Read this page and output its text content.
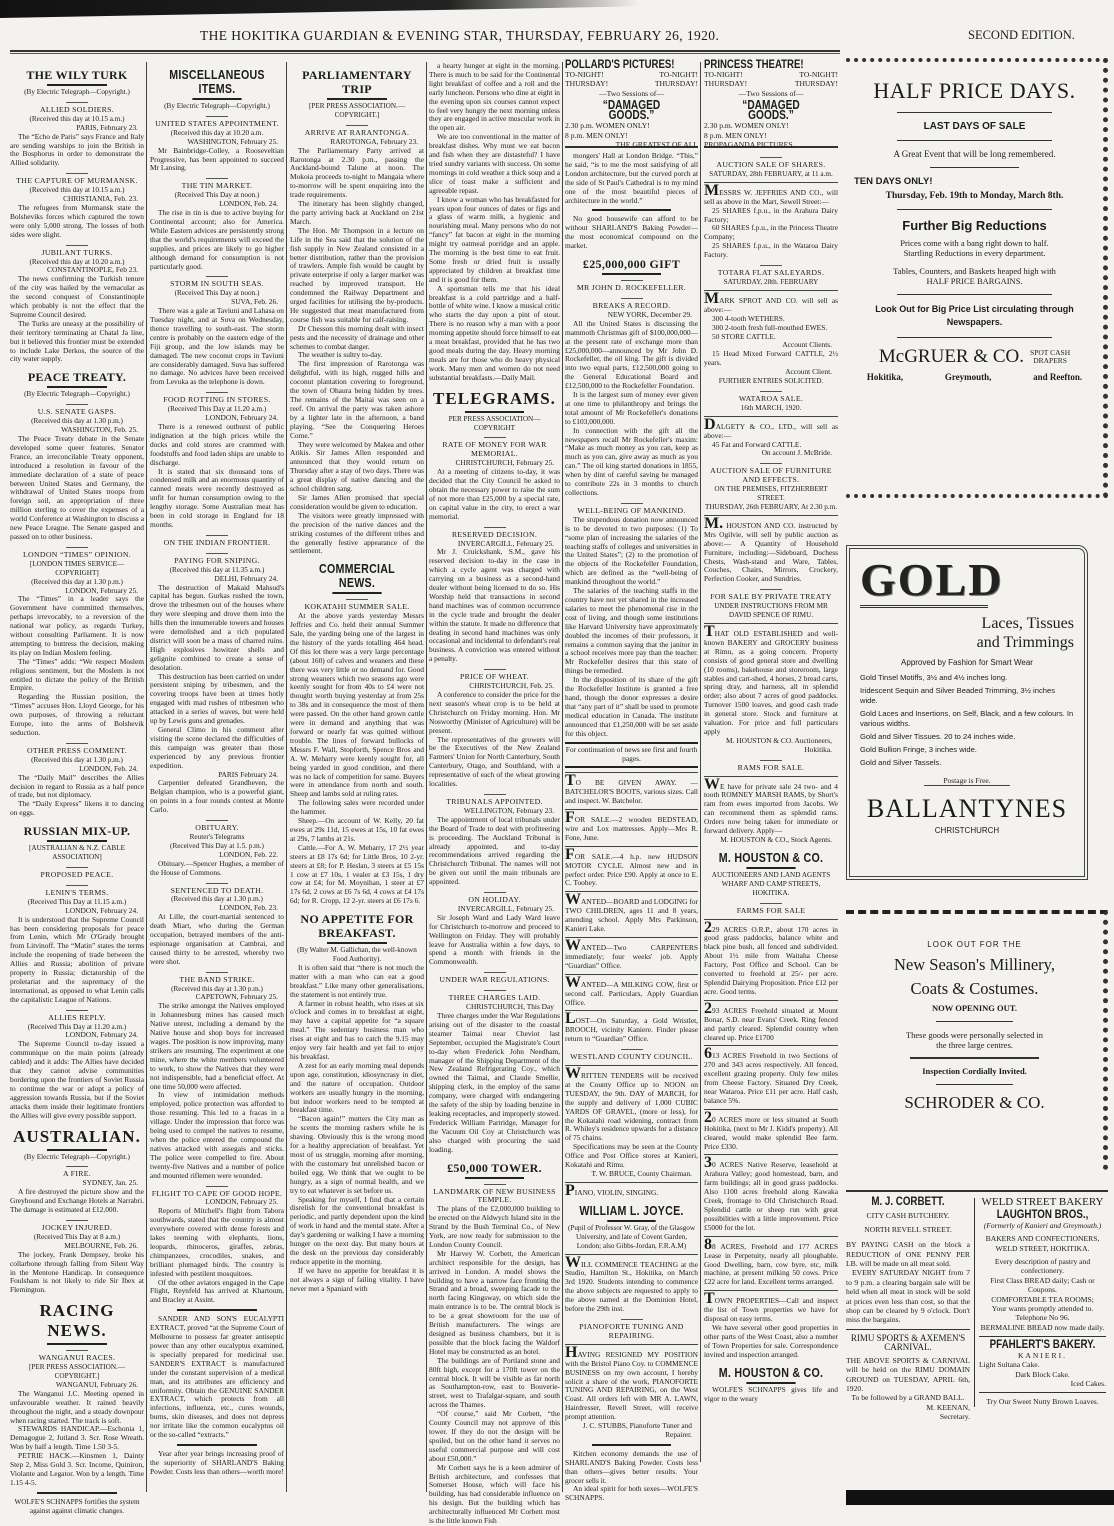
THE HOKITIKA GUARDIAN & EVENING STAR, THURSDAY, FEBRUARY 26, 1920.	SECOND EDITION.
POLLARD'S PICTURES!
TO-NIGHT!	TO-NIGHT!
THURSDAY!	THURSDAY!
—Two Sessions of—
“DAMAGED GOODS.”
2.30 p.m. WOMEN ONLY!
8 p.m. MEN ONLY!
THE GREATEST OF ALL
PRINCESS THEATRE!
TO-NIGHT!	TO-NIGHT!
THURSDAY!	THURSDAY!
—Two Sessions of—
“DAMAGED GOODS.”
2.30 p.m. WOMEN ONLY!
8 p.m. MEN ONLY!
PROPAGANDA PICTURES.
THE WILY TURK
(By Electric Telegraph—Copyright.)
ALLIED SOLDIERS.
(Received this day at 10.15 a.m.)
PARIS, February 23.
The “Echo de Paris” says France and Italy are sending warships to join the British in the Bosphorus in order to demonstrate the Allied solidarity.
THE CAPTURE OF MURMANSK.
(Received this day at 10.15 a.m.)
CHRISTIANIA, Feb. 23.
The refugees from Murmansk state the Bolsheviks forces which captured the town were only 5,000 strong. The losses of both sides were slight.
JUBILANT TURKS.
(Received this day at 10.20 a.m.)
CONSTANTINOPLE, Feb 23.
The news confirming the Turkish tenure of the city was hailed by the vernacular as the second conquest of Constantinople which probably is not the effect that the Supreme Council desired.
The Turks are uneasy at the possibility of their territory terminating at Chatal Ja line, but it believed this frontier must be extended to include Lake Derkos, the source of the city water supply.
PEACE TREATY.
(By Electric Telegraph—Copyright.)
U.S. SENATE GASPS.
(Received this day at 1.30 p.m.)
WASHINGTON, Feb. 25.
The Peace Treaty debate in the Senate developed some queer features. Senator France, an irreconcilable Treaty opponent, introduced a resolution in favour of the immediate declaration of a state of peace between United States and Germany, the withdrawal of United States troops from foreign soil, an appropriation of three million sterling to cover the expenses of a world Conference at Washington to discuss a new Peace League. The Senate gasped and passed on to other business.
LONDON “TIMES” OPINION.
[LONDON TIMES SERVICE—COPYRIGHT]
(Received this day at 1.30 p.m.)
LONDON, February 25.
The “Times” in a leader says the Government have committed themselves, perhaps irrevocably, to a reversion of the national war policy, as regards Turkey, without consulting Parliament. It is now attempting to buttress the decision, making its play on Indian Moslem feeling.
The “Times” adds: “We respect Moslem religious sentiment, but the Moslem is not entitled to dictate the policy of the British Empire.
Regarding the Russian position, the “Times” accuses Hon. Lloyd George, for his own purposes, of throwing a reluctant Europe, into the arms of Bolshevik seduction.
OTHER PRESS COMMENT.
(Received this day at 1.30 p.m.)
LONDON, Feb. 24.
The “Daily Mail” describes the Allies decision in regard to Russia as a half pence of trade, but not diplomacy.
The “Daily Express” likens it to dancing on eggs.
RUSSIAN MIX-UP.
[AUSTRALIAN & N.Z. CABLE ASSOCIATION]
PROPOSED PEACE.
LENIN'S TERMS.
(Received This Day at 11.15 a.m.)
LONDON, February 24.
It is understood that the Supreme Council has been considering proposals for peace from Lenin, which Mr O'Grady brought from Litvinoff. The “Matin” states the terms include the reopening of trade between the Allies and Russia; abolition of private property in Russia; dictatorship of the proletariat and the supremacy of the international, as opposed to what Lenin calls the capitalistic League of Nations.
ALLIES REPLY.
(Received This Day at 11.20 a.m.)
LONDON, February 24.
The Supreme Council to-day issued a communique on the main points (already cabled) and it adds: The Allies have decided that they cannot advise communities bordering upon the frontiers of Soviet Russia to continue the war or adopt a policy of aggression towards Russia, but if the Soviet attacks them inside their legitimate frontiers the Allies will give every possible support.
AUSTRALIAN.
(By Electric Telegraph—Copyright.)
A FIRE.
SYDNEY, Jan. 25.
A fire destroyed the picture show and the Greyhound and Exchange Hotels at Narrabri. The damage is estimated at £12,000.
JOCKEY INJURED.
(Received This Day at 8 a.m.)
MELBOURNE, Feb. 26.
The jockey, Frank Dempsey, broke his collarbone through falling from Silent Way in the Mentone Handicap. In consequence Foulsham is not likely to ride Sir Ibex at Flemington.
RACING NEWS.
WANGANUI RACES.
[PER PRESS ASSOCIATION.—COPYRIGHT.]
WANGANUI, February 26.
The Wanganui J.C. Meeting opened in unfavourable weather. It rained heavily throughout the night, and a steady downpour when racing started. The track is soft.
STEWARDS HANDICAP.—Eschonia 1, Demagogue 2, Jutland 3. Scr. Rose Wreath. Won by half a length. Time 1.50 3-5.
PETRIE HACK.—Kinsmen 1, Dainty Step 2, Miss Gold 3. Scr. Income, Quiniron, Violante and Legator. Won by a length. Time 1.15 4-5.
WOLFE'S SCHNAPPS fortifies the system against against climatic changes.
MISCELLANEOUS ITEMS.
(By Electric Telegraph—Copyright.)
UNITED STATES APPOINTMENT.
(Received this day at 10.20 a.m.
WASHINGTON, February 25.
Mr Bainbridge-Colley, a Rooseveltian Progressive, has been appointed to succeed Mr Lansing.
THE TIN MARKET.
(Received This Day at noon.)
LONDON, Feb. 24.
The rise in tin is due to active buying for Continental account; also for America. While Eastern advices are persistently strong that the world's requirements will exceed the supplies, and prices are likely to go higher although demand for consumption is not particularly good.
STORM IN SOUTH SEAS.
(Received This Day at noon.)
SUVA, Feb. 26.
There was a gale at Taviuni and Lahasa on Tuesday night, and at Suva on Wednesday, thence travelling to south-east. The storm centre is probably on the eastern edge of the Fiji group, and the low islands may be damaged. The new coconut crops in Taviuni are considerably damaged. Suva has suffered no damage. No advices have been received from Levuka as the telephone is down.
FOOD ROTTING IN STORES.
(Received This Day at 11.20 a.m.)
LONDON, February 24.
There is a renewed outburst of public indignation at the high prices while the docks and cold stores are crammed with foodstuffs and food laden ships are unable to discharge.
It is stated that six thousand tons of condensed milk and an enormous quantity of canned meats were recently destroyed as unfit for human consumption owing to the lengthy storage. Some Australian meat has been in cold storage in England for 18 months.
ON THE INDIAN FRONTIER.
PAYING FOR SNIPING.
(Received this day at 11.35 a.m.)
DELHI, February 24.
The destruction of Makaid Mahsud's capital has begun. Gurkas rushed the town, drove the tribesmen out of the houses where they were sleeping and drove them into the hills then the innumerable towers and houses were demolished and a rich populated district will soon be a mass of charred ruins. High explosives howitzer shells and gelignite combined to create a sense of desolation.
This destruction has been carried on under persistent sniping by tribesmen, and the covering troops have been at times hotly engaged with mad rushes of tribesmen who attacked in a series of waves, but were held up by Lewis guns and grenades.
General Climo in his comment after visiting the scene declared the difficulties of this campaign was greater than those experienced by any previous frontier expedition.
PARIS February 24.
Carpentier defeated Grandheven, the Belgian champion, who is a powerful giant, on points in a four rounds contest at Monte Carlo.
OBITUARY.
Reuter's Telegrams
(Received This Day at 1.5. p.m.)
LONDON, Feb. 22.
Obituary.—Spencer Hughes, a member of the House of Commons.
SENTENCED TO DEATH.
(Received this day at 1.30 p.m.)
LONDON, Feb. 23.
At Lille, the court-martial sentenced to death Miart, who during the German occupation, betrayed members of the anti-espionage organisation at Cambrai, and caused thirty to be arrested, whereby two were shot.
THE BAND STRIKE.
(Received this day at 1.30 p.m.)
CAPETOWN, February 25.
The strike amongst the Natives employed in Johannesburg mines has caused much Native unrest, including a demand by the Native house and shop boys for increased wages. The position is now improving, many strikers are resuming. The experiment at one mine, where the white members volunteered to work, to show the Natives that they were not indispensible, had a beneficial effect. At one time 50,000 were affected.
In view of intimidation methods employed, police protection was afforded to those resuming. This led to a fracas in a village. Under the impression that force was being used to compel the natives to resume, when the police entered the compound the natives attacked with assegais and sticks. The police were compelled to fire. About twenty-five Natives and a number of police and mounted riflemen were wounded.
FLIGHT TO CAPE OF GOOD HOPE.
LONDON, February 25.
Reports of Mitchell's flight from Tabora southwards, stated that the country is almost everywhere covered with dense forests and lakes teeming with elephants, lions, leopards, rhinoceros, giraffes, zebras, chimpanzees, crocodiles, snakes, and brilliant plumaged birds. The country is infested with pestilent mosquitoes.
Of the other aviators engaged in the Cape Flight, Reynfeld has arrived at Khartoum, and Bracley at Assint.
SANDER AND SON'S EUCALYPTI EXTRACT, proved “at the Supreme Court of Melbourne to possess far greater antiseptic power than any other eucalyptus examined, is specially prepared for medicinal use. SANDER'S EXTRACT is manufactured under the constant supervision of a medical man, and its attributes are efficiency and uniformity. Obtain the GENUINE SANDER EXTRACT, which protects from all infections, influenza, etc., cures wounds, burns, skin diseases, and does not depress nor irritate like the common eucalyptus oil or the so-called “extracts.”
Year after year brings increasing proof of the superiority of SHARLAND'S Baking Powder. Costs less than others—worth more!
PARLIAMENTARY TRIP
[PER PRESS ASSOCIATION.—COPYRIGHT.]
ARRIVE AT RARANTONGA.
RAROTONGA, February 23.
The Parliamentary Party arrived at Rarotonga at 2.30 p.m., passing the Auckland-bound Talune at noon. The Mokoia proceeds to-night to Mangaia where to-morrow will be spent enquiring into the trade requirements.
The itinerary has been slightly changed, the party arriving back at Auckland on 21st March.
The Hon. Mr Thompson in a lecture on Life in the Sea said that the solution of the fish supply in New Zealand consisted in a better distribution, rather than the provision of trawlers. Ample fish would be caught by private enterprise if only a larger market was reached by improved transport. He condemned the Railway Department and urged facilities for utilising the by-products. He suggested that meat manufactured from course fish was suitable for calf-raising.
Dr Chesson this morning dealt with insect pests and the necessity of drainage and other schemes to combat danger.
The weather is sultry to-day.
The first impression of Rarotonga was delightful, with its high, rugged hills and coconut plantation covering to foreground, the town of Ohaura being hidden by trees. The remains of the Maitai was seen on a reef. On arrival the party was taken ashore by a lighter late in the afternoon, a band playing, “See the Conquering Heroes Come.”
They were welcomed by Makea and other Arikis. Sir James Allen responded and announced that they would return on Thursday after a stay of two days. There was a great display of native dancing and the school children sang.
Sir James Allen promised that special consideration would be given to education.
The visitors were greatly impressed with the precision of the native dances and the striking costumes of the different tribes and the generally festive appearance of the settlement.
COMMERCIAL NEWS.
KOKATAHI SUMMER SALE.
At the above yards yesterday Messrs Jeffries and Co. held their annual Summer Sale, the yarding being one of the largest in the history of the yards totalling 464 head. Of this lot there was a very large percentage (about 160) of calves and weaners and these there was very little or no demand for. Good strong weaners which two seasons ago were keenly sought for from 40s to £4 were not thought worth buying yesterday at from 25s to 38s and in consequence the most of them were passed. On the other hand grown cattle were in demand and anything that was forward or nearly fat was quitted without trouble. The lines of forward bullocks of Messrs F. Wall, Stopforth, Spence Bros and A. W. Meharry were keenly sought for, all being yarded in good condition, and there was no lack of competition for same. Buyers were in attendance from north and south. Sheep and lambs sold at ruling rates.
The following sales were recorded under the hammer.
Sheep.—On account of W. Kelly, 20 fat ewes at 29s 11d, 15 ewes at 15s, 10 fat ewes at 29s, 7 lambs at 21s.
Cattle.—For A. W. Meharry, 17 2½ year steers at £8 17s 6d; for Little Bros, 10 2-yr. steers at £8; for P. Heslan, 3 steers at £5 15s 1 cow at £7 10s, 1 vealer at £3 15s, 1 dry cow at £4; for M. Moynihan, 1 steer at £7 17s 6d, 2 cows at £6 7s 6d, 4 cows at £4 17s 6d; for R. Cropp, 12 2-yr. steers at £6 17s 6.
NO APPETITE FOR BREAKFAST.
(By Walter M. Gallichan, the well-known Food Authority).
It is often said that “there is not much the matter with a man who can eat a good breakfast.” Like many other generalisations, the statement is not entirely true.
A farmer in robust health, who rises at six o'clock and comes in to breakfast at eight, may have a capital appetite for “a square meal.” The sedentary business man who rises at eight and has to catch the 9.15 may enjoy very fair health and yet fail to enjoy his breakfast.
A zest for an early morning meal depends upon age, constitution, idiosyncrasy in diet, and the nature of occupation. Outdoor workers are usually hungry in the morning, but indoor workers need to be tempted at breakfast time.
“Bacon again!” mutters the City man as he scents the morning rashers while he is shaving. Obviously this is the wrong mood for a healthy appreciation of breakfast. Yet most of us struggle, morning after morning, with the customary but unrelished bacon or boiled egg. We think that we ought to be hungry, as a sign of normal health, and we try to eat whatever is set before us.
Speaking for myself, I find that a certain disrelish for the conventional breakfast is periodic, and partly dependent upon the kind of work in hand and the mental state. After a day's gardening or walking I have a morning hunger on the next day. But many hours at the desk on the previous day considerably reduce appetite in the morning.
If we have no appetite for breakfast it is not always a sign of failing vitality. I have never met a Spaniard with
a hearty hunger at eight in the morning. There is much to be said for the Continental light breakfast of coffee and a roll and the early luncheon. Persons who dine at eight in the evening upon six courses cannot expect to feel very hungry the next morning unless they are engaged in active muscular work in the open air.
We are too conventional in the matter of breakfast dishes. Why must we eat bacon and fish when they are distasteful? I have tried sundry variants with success. On some mornings in cold weather a thick soup and a slice of toast make a sufficient and agreeable repast.
I know a woman who has breakfasted for years upon four ounces of dates or figs and a glass of warm milk, a hygienic and nourishing meal. Many persons who do not “fancy” fat bacon at eight in the morning might try oatmeal porridge and an apple. The morning is the best time to eat fruit. Some fresh or dried fruit is usually appreciated by children at breakfast time and it is good for them.
A sportsman tells me that his ideal breakfast is a cold partridge and a half-bottle of white wine. I know a musical critic who starts the day upon a pint of stout. There is no reason why a man with a poor morning appetite should force himself to eat a meat breakfast, provided that he has two good meals during the day. Heavy morning meals are for those who do heavy physical work. Many men and women do not need substantial breakfasts.—Daily Mail.
TELEGRAMS.
PER PRESS ASSOCIATION—COPYRIGHT
RATE OF MONEY FOR WAR MEMORIAL.
CHRISTCHURCH, February 25.
At a meeting of citizens to-day, it was decided that the City Council be asked to obtain the necessary power to raise the sum of not more than £25,000 by a special rate, on capital value in the city, to erect a war memorial.
RESERVED DECISION.
INVERCARGILL, February 25.
Mr J. Cruickshank, S.M., gave his reserved decision to-day in the case in which a cycle agent was charged with carrying on a business as a second-hand dealer without being licensed to do so. His Worship held that transactions in second hand machines was of common occurrence in the cycle trade and brought the dealer within the statute. It made no difference that dealing in second hand machines was only occasional and incidental to defendant's real business. A conviction was entered without a penalty.
PRICE OF WHEAT.
CHRISTCHURCH, Feb. 25.
A conference to consider the price for the next season's wheat crop is to be held at Christchurch on Friday morning. Hon. Mr Nosworthy (Minister of Agriculture) will be present.
The representatives of the growers will be the Executives of the New Zealand Farmers' Union for North Canterbury, South Canterbury, Otago, and Southland, with a representative of each of the wheat growing localities.
TRIBUNALS APPOINTED.
WELLINGTON, February 23.
The appointment of local tribunals under the Board of Trade to deal with profiteering is proceeding. The Auckland Tribunal is already appointed, and to-day recommendations arrived regarding the Christchurch Tribunal. The names will not be given out until the main tribunals are appointed.
ON HOLIDAY.
INVERCARGILL, February 25.
Sir Joseph Ward and Lady Ward leave for Christchurch to-morrow and proceed to Wellington on Friday. They will probably leave for Australia within a few days, to spend a month with friends in the Commonwealth.
UNDER WAR REGULATIONS.
THREE CHARGES LAID.
CHRISTCHURCH, This Day
Three charges under the War Regulations arising out of the disaster to the coastal steamer Taimai near Cheviot last September, occupied the Magistrate's Court to-day when Frederick John Needham, manager of the Shipping Department of the New Zealand Refrigerating Coy., which owned the Taimai, and Claude Smellie, shipping clerk, in the employ of the same company, were charged with endangering the safety of the ship by loading benzine in leaking receptacles, and improperly stowed. Frederick William Partridge, Manager for the Vacuum Oil Coy at Christchurch was also charged with procuring the said loading.
£50,000 TOWER.
LANDMARK OF NEW BUSINESS TEMPLE.
The plans of the £2,000,000 building to be erected on the Aldwych Island site in the Strand by the Bush Terminal Co., of New York, are now ready for submission to the London County Council.
Mr Harvey W. Corbett, the American architect responsible for the design, has arrived in London. A model shows the building to have a narrow face fronting the Strand and a broad, sweeping facade to the north facing Kingsway, on which side the main entrance is to be. The central block is to be a great showroom for the use of British manufacturers. The wings are designed as business chambers, but it is possible that the block facing the Waldorf Hotel may be constructed as an hotel.
The buildings are of Portland stone and 80ft high, except for a 170ft tower on the central block. It will be visible as far north as Southampton-row, east to Bouverie-street, west to Trafalgar-square, and south across the Thames.
“Of course,” said Mr Corbett, “the County Council may not approve of this tower. If they do not the design will be spoiled, but on the other hand it serves no useful commercial purpose and will cost about £50,000.”
Mr Corbett says he is a keen admirer of British architecture, and confesses that Somerset House, which will face his building, has had considerable influence on his design. But the building which has architecturally influenced Mr Corbett most is the little known Fish
mongers' Hall at London Bridge. “This,” he said, “is to me the most satisfying of all London architecture, but the curved porch at the side of St Paul's Cathedral is to my mind one of the most beautiful pieces of architecture in the world.”
No good housewife can afford to be without SHARLAND'S Baking Powder—the most economical compound on the market.
£25,000,000 GIFT
MR JOHN D. ROCKEFELLER.
BREAKS A RECORD.
NEW YORK, December 29.
All the United States is discussing the mammoth Christmas gift of $100,000,000—at the present rate of exchange more than £25,000,000—announced by Mr John D. Rockefeller, the oil king. The gift is divided into two equal parts, £12,500,000 going to the General Educational Board and £12,500,000 to the Rockefeller Foundation.
It is the largest sum of money ever given at one time to philanthropy and brings the total amount of Mr Rockefeller's donations to £103,000,000.
In connection with the gift all the newspapers recall Mr Rockefeller's maxim: “Make as much money as you can, keep as much as you can, give away as much as you can.” The oil king started donations in 1855, when by dint of careful saving he managed to contribute 22s in 3 months to church collections.
WELL-BEING OF MANKIND.
The stupendous donation now announced is to be devoted to two purposes: (1) To “some plan of increasing the salaries of the teaching staffs of colleges and universities in the United States”; (2) to the promotion of the objects of the Rockefeller Foundation, which are defined as the “well-being of mankind throughout the world.”
The salaries of the teaching staffs in the country have not yet shared in the increased salaries to meet the phenomenal rise in the cost of living, and though some institutions like Harvard University have approximately doubled the incomes of their professors, it remains a common saying that the janitor in a school receives more pay than the teacher. Mr Rockefeller desires that this state of things be remedied.
In the disposition of its share of the gift the Rockefeller Institute is granted a free hand, though the donor expresses a desire that “any part of it” shall be used to promote medical education in Canada. The institute announced that £1,250,000 will be set aside for this object.
For continuation of news see first and fourth pages.
TO BE GIVEN AWAY. — BATCHELOR'S BOOTS, various sizes. Call and inspect. W. Batchelor.
FOR SALE.—2 wooden BEDSTEAD, wire and Lox mattresses. Apply—Mrs R. Fone, June.
FOR SALE.—4 h.p. new HUDSON MOTOR CYCLE. Almost new and in perfect order. Price £90. Apply at once to E. C. Toohey.
WANTED—BOARD and LODGING for TWO CHILDREN, ages 11 and 8 years, attending school. Apply Mrs Parkinson, Kanieri Lake.
WANTED—Two CARPENTERS immediately; four weeks' job. Apply “Guardian” Office.
WANTED—A MILKING COW, first or second calf. Particulars, Apply Guardian Office.
LOST—On Saturday, a Gold Wristlet, BROOCH, vicinity Kaniere. Finder please return to “Guardian” Office.
WESTLAND COUNTY COUNCIL.
WRITTEN TENDERS will be received at the County Office up to NOON on TUESDAY, the 9th. DAY of MARCH, for the supply and delivery of 1,000 CUBIC YARDS OF GRAVEL, (more or less), for the Kokatahi road widening, contract from R. Whiley's residence upwards for a distance of 75 chains.
Specifications may be seen at the County Office and Post Office stores at Kanieri, Kokatahi and Rimu.
T. W. BRUCE, County Chairman.
PIANO, VIOLIN, SINGING.
WILLIAM L. JOYCE.
(Pupil of Professor W. Gray, of the Glasgow University, and late of Covent Garden, London; also Gibbs-Jordan, F.R.A.M)
WILL COMMENCE TEACHING at the Studio, Hamilton St., Hokitika, on March 3rd 1920. Students intending to commence the above subjects are requested to apply to the above named at the Dominion Hotel, before the 29th inst.
PIANOFORTE TUNING AND REPAIRING.
HAVING RESIGNED MY POSITION with the Bristol Piano Coy. to COMMENCE BUSINESS on my own account, I hereby solicit a share of the work, PIANOFORTE TUNING AND REPAIRING, on the West Coast. All orders left with MR A. LAWN, Hairdresser, Revell Street, will receive prompt attention.
J. C. STUBBS, Pianoforte Tuner and Repairer.
Kitchen economy demands the use of SHARLAND'S Baking Powder. Costs less than others—gives better results. Your grocer sells it.
An ideal spirit for both sexes—WOLFE'S SCHNAPPS.
AUCTION SALE OF SHARES.
SATURDAY, 28th FEBRUARY, at 11 a.m.
MESSRS W. JEFFRIES AND CO., will sell as above in the Mart, Sewell Street:—
25 SHARES f.p.u., in the Arahura Dairy Factory;
60 SHARES f.p.u., in the Princess Theatre Company;
25 SHARES f.p.u., in the Wataroa Dairy Factory.
TOTARA FLAT SALEYARDS.
SATURDAY, 28th. FEBRUARY
MARK SPROT AND CO. will sell as above:—
300 4-tooth WETHERS.
300 2-tooth fresh full-mouthed EWES.
50 STORE CATTLE.
Account Clients.
15 Head Mixed Forward CATTLE, 2½ years.
Account Client.
FURTHER ENTRIES SOLICITED.
WATAROA SALE.
16th MARCH, 1920.
DALGETY & CO., LTD., will sell as above:—
45 Fat and Forward CATTLE.
On account J. McBride.
AUCTION SALE OF FURNITURE AND EFFECTS.
ON THE PREMISES, FITZHERBERT STREET.
THURSDAY, 26th FEBRUARY, At 2.30 p.m.
M. HOUSTON AND CO. instructed by Mrs Ogilvie, will sell by public auction as above:— A Quantity of Household Furniture, including:—Sideboard, Duchess Chests, Wash-stand and Ware, Tables, Couches, Chairs, Mirrors, Crockery, Perfection Cooker, and Sundries.
FOR SALE BY PRIVATE TREATY
UNDER INSTRUCTIONS FROM MR DAVID SPENCE OF RIMU.
THAT OLD ESTABLISHED and well-known BAKERY and GROCERY business at Rimu, as a going concern. Property consists of good general store and dwelling (10 rooms), bakehouse and storeroom, large stables and cart-shed, 4 horses, 2 bread carts, spring dray, and harness, all in splendid order; also about 7 acres of good paddocks. Turnover 1500 loaves, and good cash trade in general store. Stock and furniture at valuation. For price and full particulars apply
M. HOUSTON & CO. Auctioneers, Hokitika.
RAMS FOR SALE.
WE have for private sale 24 two- and 4 tooth ROMNEY MARSH RAMS, by Short's ram from ewes imported from Jacobs. We can recommend them as splendid rams. Orders now being taken for immediate or forward delivery. Apply—
M. HOUSTON & CO., Stock Agents.
M. HOUSTON & CO.
AUCTIONEERS AND LAND AGENTS
WHARF AND CAMP STREETS, HOKITIKA.
FARMS FOR SALE
229 ACRES O.R.P., about 170 acres in good grass paddocks, balance white and black pine bush, all fenced and subdivided. About 1½ mile from Waitaha Cheese Factory, Post Office and School. Can be converted to freehold at 25/- per acre. Splendid Dairying Proposition. Price £12 per acre. Good terms.
293 ACRES Freehold situated at Mount Bonar, S.D. near Evans' Creek. Ring fenced and partly cleared. Splendid country when cleared up. Price £1700
613 ACRES Freehold in two Sections of 270 and 343 acres respectively. All fenced, excellent grazing property. Only few miles from Cheese Factory. Situated Dry Creek, near Wataroa. Price £11 per acre. Half cash, balance 5%.
20 ACRES more or less situated at South Hokitika, (next to Mr J. Kidd's property). All cleared, would make splendid Bee farm. Price £330.
30 ACRES Native Reserve, leasehold at Arahura Valley; good homestead, barn, and farm buildings; all in good grass paddocks. Also 1100 acres freehold along Kawaka Creek, frontage to Old Christchurch Road. Splendid cattle or sheep run with great possibilities with a little improvement. Price £5000 for the lot.
88 ACRES, Freehold and 177 ACRES Lease in Perpetuity, nearly all ploughable. Good Dwelling, barn, cow byre, etc, milk machine, at present milking 50 cows. Price £22 acre for land. Excellent terms arranged.
TOWN PROPERTIES—Call and inspect the list of Town properties we have for disposal on easy terms.
We have several other good properties in other parts of the West Coast, also a number of Town Properties for sale. Correspondence invited and inspection arranged.
M. HOUSTON & CO.
WOLFE'S SCHNAPPS gives life and vigor to the weary
HALF PRICE DAYS.
LAST DAYS OF SALE
A Great Event that will be long remembered.
TEN DAYS ONLY!
Thursday, Feb. 19th to Monday, March 8th.
Further Big Reductions
Prices come with a bang right down to half.
Startling Reductions in every department.
Tables, Counters, and Baskets heaped high with
HALF PRICE BARGAINS.
Look Out for Big Price List circulating through Newspapers.
McGRUER & CO. SPOT CASH
DRAPERS
Hokitika,	Greymouth,	and Reefton.
GOLD
Laces, Tissues
and Trimmings
Approved by Fashion for Smart Wear
Gold Tinsel Motiffs, 3½ and 4½ inches long.
Iridescent Sequin and Silver Beaded Trimming, 3½ inches wide.
Gold Laces and Insertions, on Self, Black, and a few colours. In various widths.
Gold and Silver Tissues. 20 to 24 inches wide.
Gold Bullion Fringe, 3 inches wide.
Gold and Silver Tassels.
Postage is Free.
BALLANTYNES
CHRISTCHURCH
LOOK OUT FOR THE
New Season's Millinery,
Coats & Costumes.
NOW OPENING OUT.
These goods were personally selected in
the three large centres.
Inspection Cordially Invited.
SCHRODER & CO.
M. J. CORBETT.
CITY CASH BUTCHERY.
NORTH REVELL STREET.
BY PAYING CASH on the block a REDUCTION of ONE PENNY PER LB. will be made on all meat sold.
EVERY SATURDAY NIGHT from 7 to 9 p.m. a clearing bargain sale will be held when all meat in stock will be sold at prices even less than cost, so that the shop can be cleared by 9 o'clock. Don't miss the bargains.
RIMU SPORTS & AXEMEN'S CARNIVAL.
THE ABOVE SPORTS & CARNIVAL will be held on the RIMU DOMAIN GROUND on TUESDAY, APRIL 6th, 1920.
To be followed by a GRAND BALL.
M. KEENAN,
Secretary.
WELD STREET BAKERY
LAUGHTON BROS.,
(Formerly of Kanieri and Greymouth.)
BAKERS AND CONFECTIONERS, WELD STREET, HOKITIKA.
Every description of pastry and confectionery.
First Class BREAD daily; Cash or Coupons.
COMFORTABLE TEA ROOMS;
Your wants promptly attended to.
Telephone No 96.
BERMALINE BREAD now made daily.
PFAHLERT'S BAKERY.
KANIERI.
Light Sultana Cake.
Dark Block Cake.
Iced Cakes.
Try Our Sweet Nutty Brown Loaves.
